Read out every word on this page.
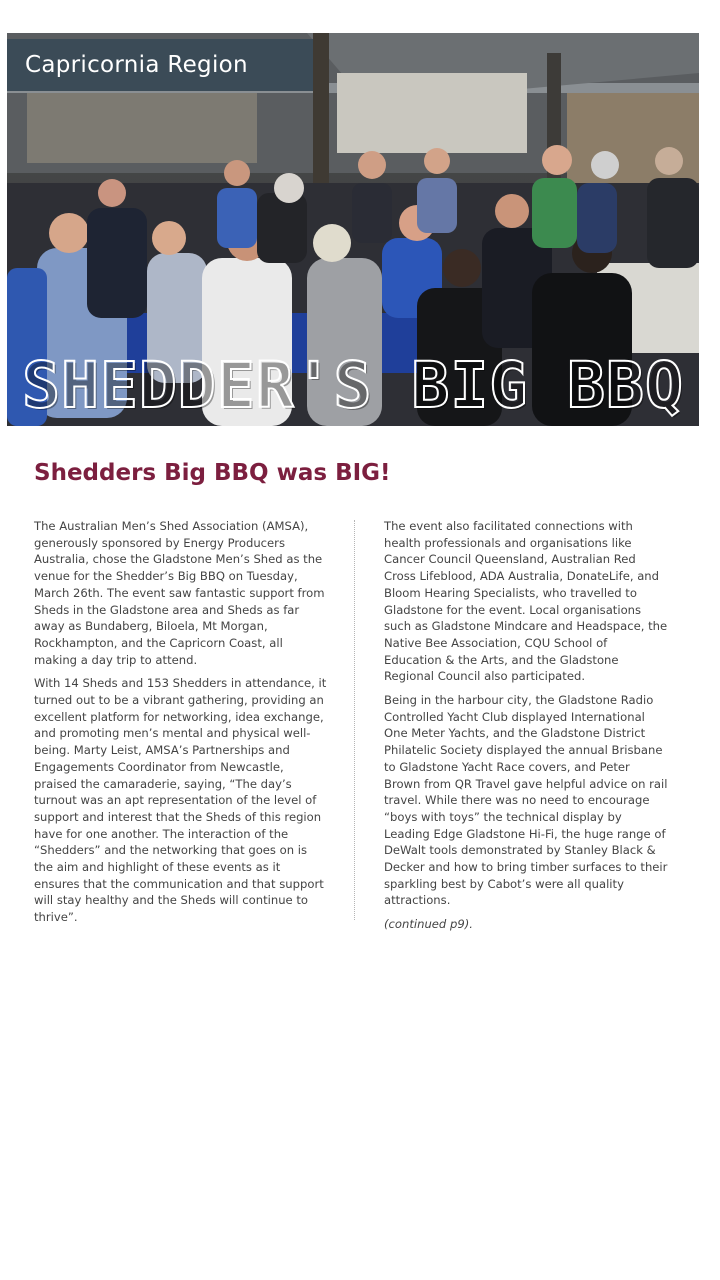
Capricornia Region
SHEDDER'S BIG BBQ
Shedders Big BBQ was BIG!

The Australian Men’s Shed Association (AMSA), generously sponsored by Energy Producers Australia, chose the Gladstone Men’s Shed as the venue for the Shedder’s Big BBQ on Tuesday, March 26th. The event saw fantastic support from Sheds in the Gladstone area and Sheds as far away as Bundaberg, Biloela, Mt Morgan, Rockhampton, and the Capricorn Coast, all making a day trip to attend.

With 14 Sheds and 153 Shedders in attendance, it turned out to be a vibrant gathering, providing an excellent platform for networking, idea exchange, and promoting men’s mental and physical well-being. Marty Leist, AMSA’s Partnerships and Engagements Coordinator from Newcastle, praised the camaraderie, saying, “The day’s turnout was an apt representation of the level of support and interest that the Sheds of this region have for one another. The interaction of the “Shedders” and the networking that goes on is the aim and highlight of these events as it ensures that the communication and that support will stay healthy and the Sheds will continue to thrive”.

The event also facilitated connections with health professionals and organisations like Cancer Council Queensland, Australian Red Cross Lifeblood, ADA Australia, DonateLife, and Bloom Hearing Specialists, who travelled to Gladstone for the event. Local organisations such as Gladstone Mindcare and Headspace, the Native Bee Association, CQU School of Education & the Arts, and the Gladstone Regional Council also participated.

Being in the harbour city, the Gladstone Radio Controlled Yacht Club displayed International One Meter Yachts, and the Gladstone District Philatelic Society displayed the annual Brisbane to Gladstone Yacht Race covers, and Peter Brown from QR Travel gave helpful advice on rail travel. While there was no need to encourage “boys with toys” the technical display by Leading Edge Gladstone Hi-Fi, the huge range of DeWalt tools demonstrated by Stanley Black & Decker and how to bring timber surfaces to their sparkling best by Cabot’s were all quality attractions.

(continued p9).
